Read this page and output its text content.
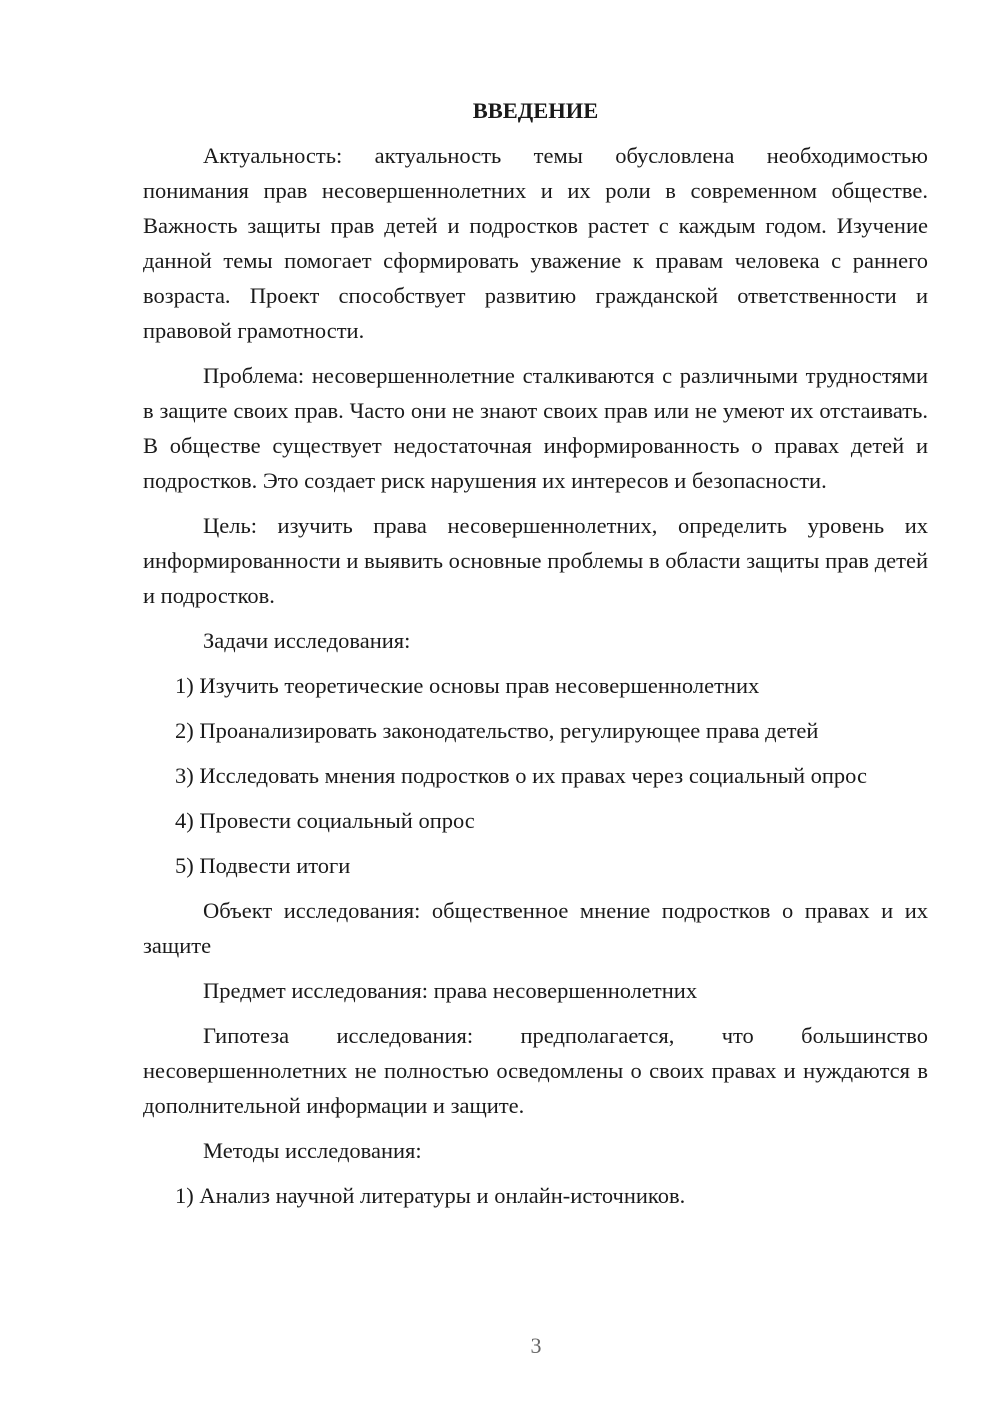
ВВЕДЕНИЕ

Актуальность: актуальность темы обусловлена необходимостью понимания прав несовершеннолетних и их роли в современном обществе. Важность защиты прав детей и подростков растет с каждым годом. Изучение данной темы помогает сформировать уважение к правам человека с раннего возраста. Проект способствует развитию гражданской ответственности и правовой грамотности.

Проблема: несовершеннолетние сталкиваются с различными трудностями в защите своих прав. Часто они не знают своих прав или не умеют их отстаивать. В обществе существует недостаточная информированность о правах детей и подростков. Это создает риск нарушения их интересов и безопасности.

Цель: изучить права несовершеннолетних, определить уровень их информированности и выявить основные проблемы в области защиты прав детей и подростков.

Задачи исследования:

1) Изучить теоретические основы прав несовершеннолетних

2) Проанализировать законодательство, регулирующее права детей

3) Исследовать мнения подростков о их правах через социальный опрос

4) Провести социальный опрос

5) Подвести итоги

Объект исследования: общественное мнение подростков о правах и их защите

Предмет исследования: права несовершеннолетних

Гипотеза исследования: предполагается, что большинство несовершеннолетних не полностью осведомлены о своих правах и нуждаются в дополнительной информации и защите.

Методы исследования:

1) Анализ научной литературы и онлайн-источников.

3
